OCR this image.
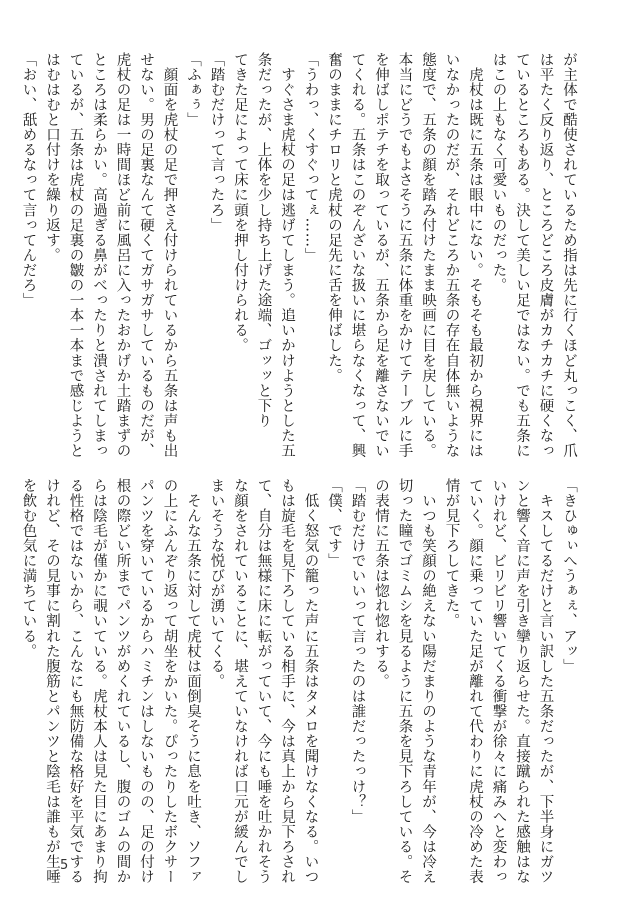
が主体で酷使されているため指は先に行くほど丸っこく、爪
は平たく反り返り、ところどころ皮膚がカチカチに硬くなっ
ているところもある。決して美しい足ではない。でも五条に
はこの上もなく可愛いものだった。
　虎杖は既に五条は眼中にない。そもそも最初から視界には
いなかったのだが、それどころか五条の存在自体無いような
態度で、五条の顔を踏み付けたまま映画に目を戻している。
本当にどうでもよさそうに五条に体重をかけてテーブルに手
を伸ばしポテチを取っているが、五条から足を離さないでい
てくれる。五条はこのぞんざいな扱いに堪らなくなって、興
奮のままにチロリと虎杖の足先に舌を伸ばした。
「うわっ、くすぐってぇ……」
　すぐさま虎杖の足は逃げてしまう。追いかけようとした五
条だったが、上体を少し持ち上げた途端、ゴッッと下り
てきた足によって床に頭を押し付けられる。
「踏むだけって言ったろ」
「ふぁぅ」
　顔面を虎杖の足で押さえ付けられているから五条は声も出
せない。男の足裏なんて硬くてガサガサしているものだが、
虎杖の足は一時間ほど前に風呂に入ったおかげか土踏まずの
ところは柔らかい。高過ぎる鼻がべったりと潰されてしまっ
ているが、五条は虎杖の足裏の皺の一本一本まで感じようと
はむはむと口付けを繰り返す。
「おい、舐めるなって言ってんだろ」
「きひゅぃへうぁぇ、アッ」
　キスしてるだけと言い訳した五条だったが、下半身にガツ
ンと響く音に声を引き攣り返らせた。直接蹴られた感触はな
いけれど、ビリビリ響いてくる衝撃が徐々に痛みへと変わっ
ていく。顔に乗っていた足が離れて代わりに虎杖の冷めた表
情が見下ろしてきた。
　いつも笑顔の絶えない陽だまりのような青年が、今は冷え
切った瞳でゴミムシを見るように五条を見下ろしている。そ
の表情に五条は惚れ惚れする。
「踏むだけでいいって言ったのは誰だったっけ？」
「僕、です」
　低く怒気の籠った声に五条はタメロを聞けなくなる。いつ
もは旋毛を見下ろしている相手に、今は真上から見下ろされ
て、自分は無様に床に転がっていて、今にも唾を吐かれそう
な顔をされていることに、堪えていなければ口元が緩んでし
まいそうな悦びが湧いてくる。
　そんな五条に対して虎杖は面倒臭そうに息を吐き、ソファ
の上にふんぞり返って胡坐をかいた。ぴったりしたボクサー
パンツを穿いているからハミチンはしないものの、足の付け
根の際どい所までパンツがめくれているし、腹のゴムの間か
らは陰毛が僅かに覗いている。虎杖本人は見た目にあまり拘
る性格ではないから、こんなにも無防備な格好を平気でする
けれど、その見事に割れた腹筋とパンツと陰毛は誰もが生唾
を飲む色気に満ちている。
5
